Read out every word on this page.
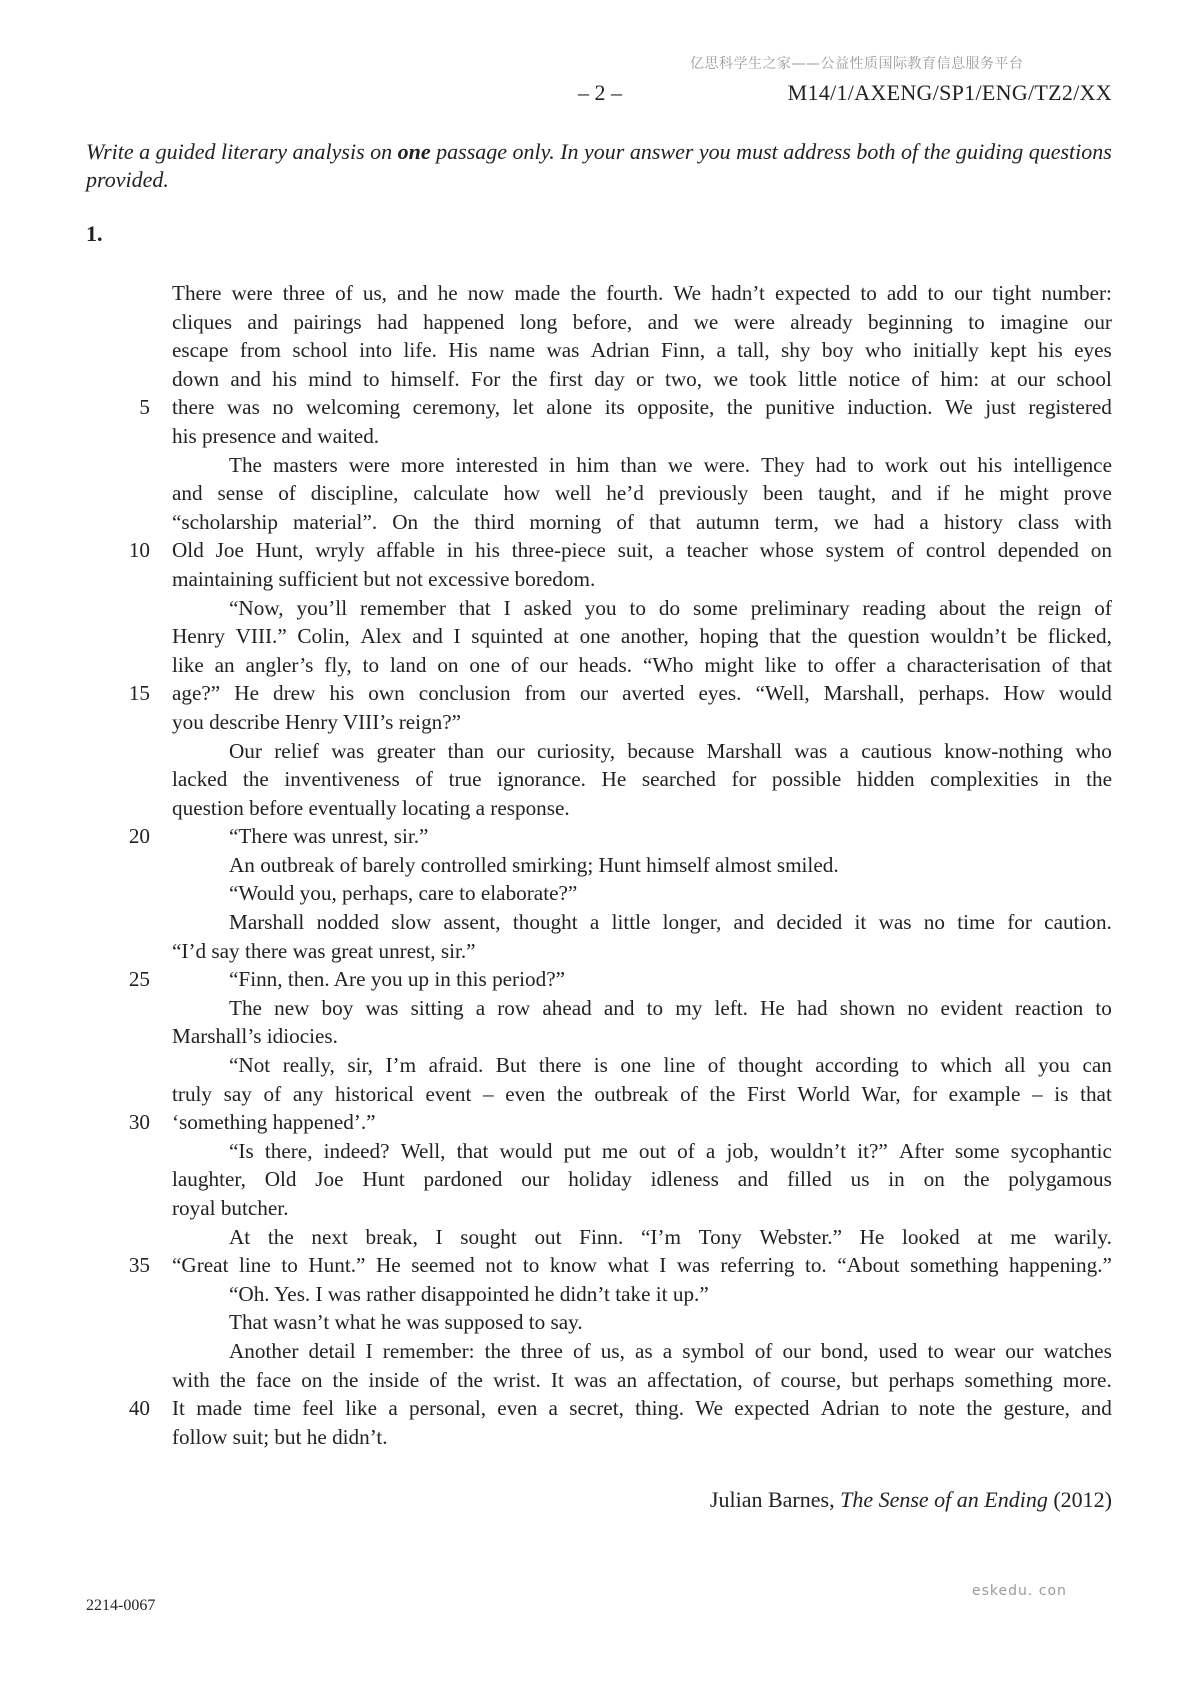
亿思科学生之家——公益性质国际教育信息服务平台
– 2 –	M14/1/AXENG/SP1/ENG/TZ2/XX
Write a guided literary analysis on one passage only. In your answer you must address both of the guiding questions provided.
1.
5
10
15
20
25
30
35
40
There were three of us, and he now made the fourth. We hadn’t expected to add to our tight number:
cliques and pairings had happened long before, and we were already beginning to imagine our
escape from school into life. His name was Adrian Finn, a tall, shy boy who initially kept his eyes
down and his mind to himself. For the first day or two, we took little notice of him: at our school
there was no welcoming ceremony, let alone its opposite, the punitive induction. We just registered
his presence and waited.
The masters were more interested in him than we were. They had to work out his intelligence
and sense of discipline, calculate how well he’d previously been taught, and if he might prove
“scholarship material”. On the third morning of that autumn term, we had a history class with
Old Joe Hunt, wryly affable in his three-piece suit, a teacher whose system of control depended on
maintaining sufficient but not excessive boredom.
“Now, you’ll remember that I asked you to do some preliminary reading about the reign of
Henry VIII.” Colin, Alex and I squinted at one another, hoping that the question wouldn’t be flicked,
like an angler’s fly, to land on one of our heads. “Who might like to offer a characterisation of that
age?” He drew his own conclusion from our averted eyes. “Well, Marshall, perhaps. How would
you describe Henry VIII’s reign?”
Our relief was greater than our curiosity, because Marshall was a cautious know-nothing who
lacked the inventiveness of true ignorance. He searched for possible hidden complexities in the
question before eventually locating a response.
“There was unrest, sir.”
An outbreak of barely controlled smirking; Hunt himself almost smiled.
“Would you, perhaps, care to elaborate?”
Marshall nodded slow assent, thought a little longer, and decided it was no time for caution.
“I’d say there was great unrest, sir.”
“Finn, then. Are you up in this period?”
The new boy was sitting a row ahead and to my left. He had shown no evident reaction to
Marshall’s idiocies.
“Not really, sir, I’m afraid. But there is one line of thought according to which all you can
truly say of any historical event – even the outbreak of the First World War, for example – is that
‘something happened’.”
“Is there, indeed? Well, that would put me out of a job, wouldn’t it?” After some sycophantic
laughter, Old Joe Hunt pardoned our holiday idleness and filled us in on the polygamous
royal butcher.
At the next break, I sought out Finn. “I’m Tony Webster.” He looked at me warily.
“Great line to Hunt.” He seemed not to know what I was referring to. “About something happening.”
“Oh. Yes. I was rather disappointed he didn’t take it up.”
That wasn’t what he was supposed to say.
Another detail I remember: the three of us, as a symbol of our bond, used to wear our watches
with the face on the inside of the wrist. It was an affectation, of course, but perhaps something more.
It made time feel like a personal, even a secret, thing. We expected Adrian to note the gesture, and
follow suit; but he didn’t.
Julian Barnes, The Sense of an Ending (2012)
eskedu. con
2214-0067
